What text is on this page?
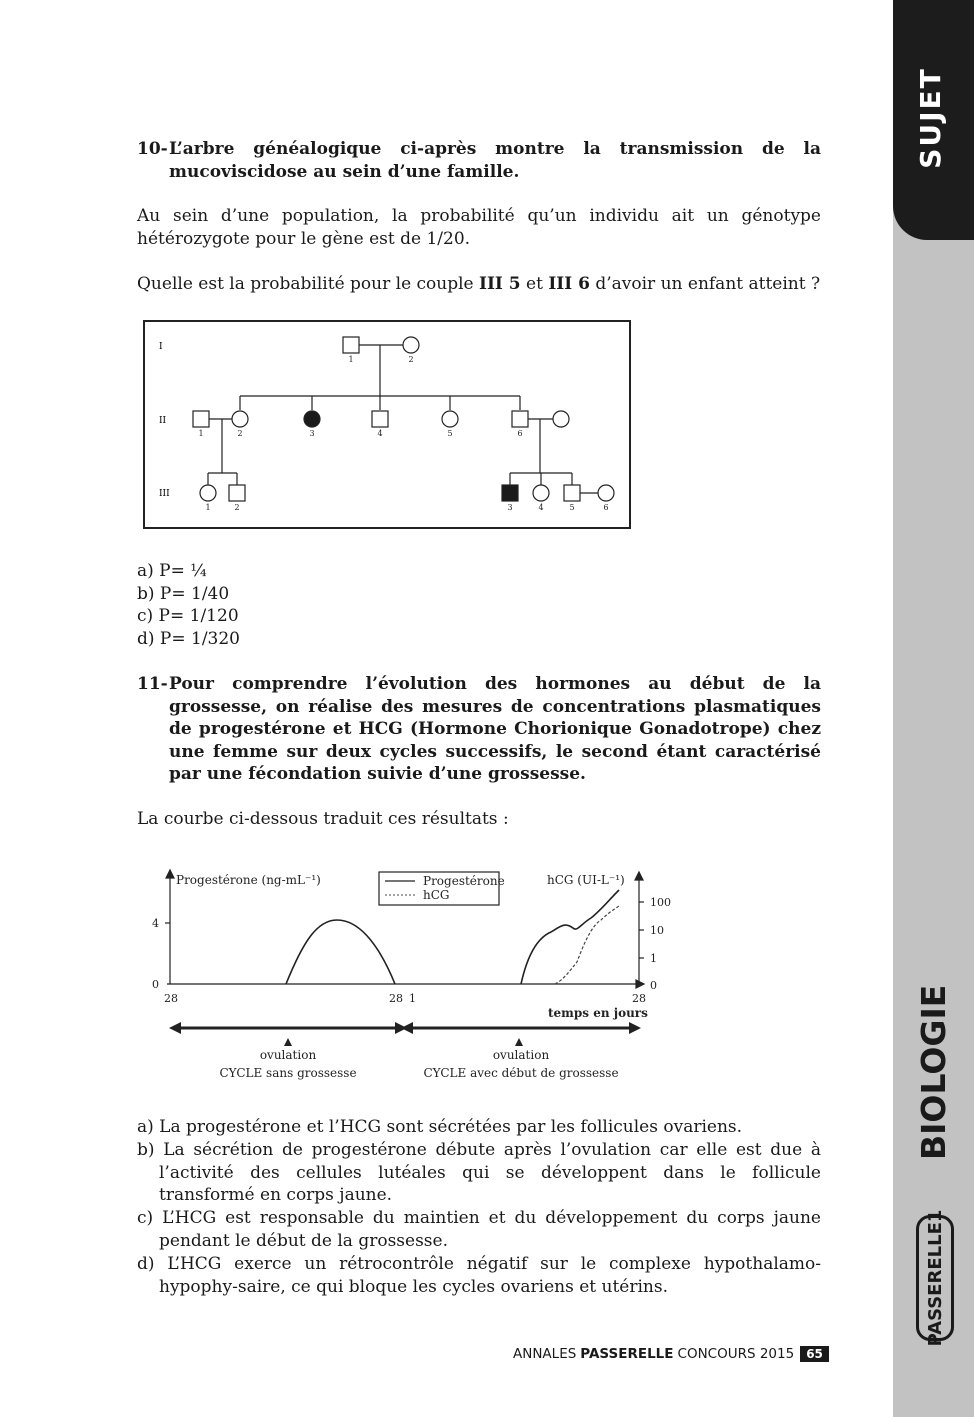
SUJET
BIOLOGIE
PASSERELLE1
10- L’arbre généalogique ci-après montre la transmission de la mucoviscidose au sein d’une famille.
Au sein d’une population, la probabilité qu’un individu ait un génotype hétérozygote pour le gène est de 1/20.
Quelle est la probabilité pour le couple III 5 et III 6 d’avoir un enfant atteint ?
I
II
III
1	2
1	2	3	4	5	6
1	2	3	4	5	6
a) P= ¼
b) P= 1/40
c) P= 1/120
d) P= 1/320
11- Pour comprendre l’évolution des hormones au début de la grossesse, on réalise des mesures de concentrations plasmatiques de progestérone et HCG (Hormone Chorionique Gonadotrope) chez une femme sur deux cycles successifs, le second étant caractérisé par une fécondation suivie d’une grossesse.
La courbe ci-dessous traduit ces résultats :
Progestérone
hCG
Progestérone (ng-mL⁻¹)	hCG (UI-L⁻¹)
4
0
100
10
1
0
28	28 1	28
temps en jours
ovulation	ovulation
CYCLE sans grossesse	CYCLE avec début de grossesse
a) La progestérone et l’HCG sont sécrétées par les follicules ovariens.
b) La sécrétion de progestérone débute après l’ovulation car elle est due à l’activité des cellules lutéales qui se développent dans le follicule transformé en corps jaune.
c) L’HCG est responsable du maintien et du développement du corps jaune pendant le début de la grossesse.
d) L’HCG exerce un rétrocontrôle négatif sur le complexe hypothalamo-hypophy-saire, ce qui bloque les cycles ovariens et utérins.
ANNALES PASSERELLE CONCOURS 2015	65
